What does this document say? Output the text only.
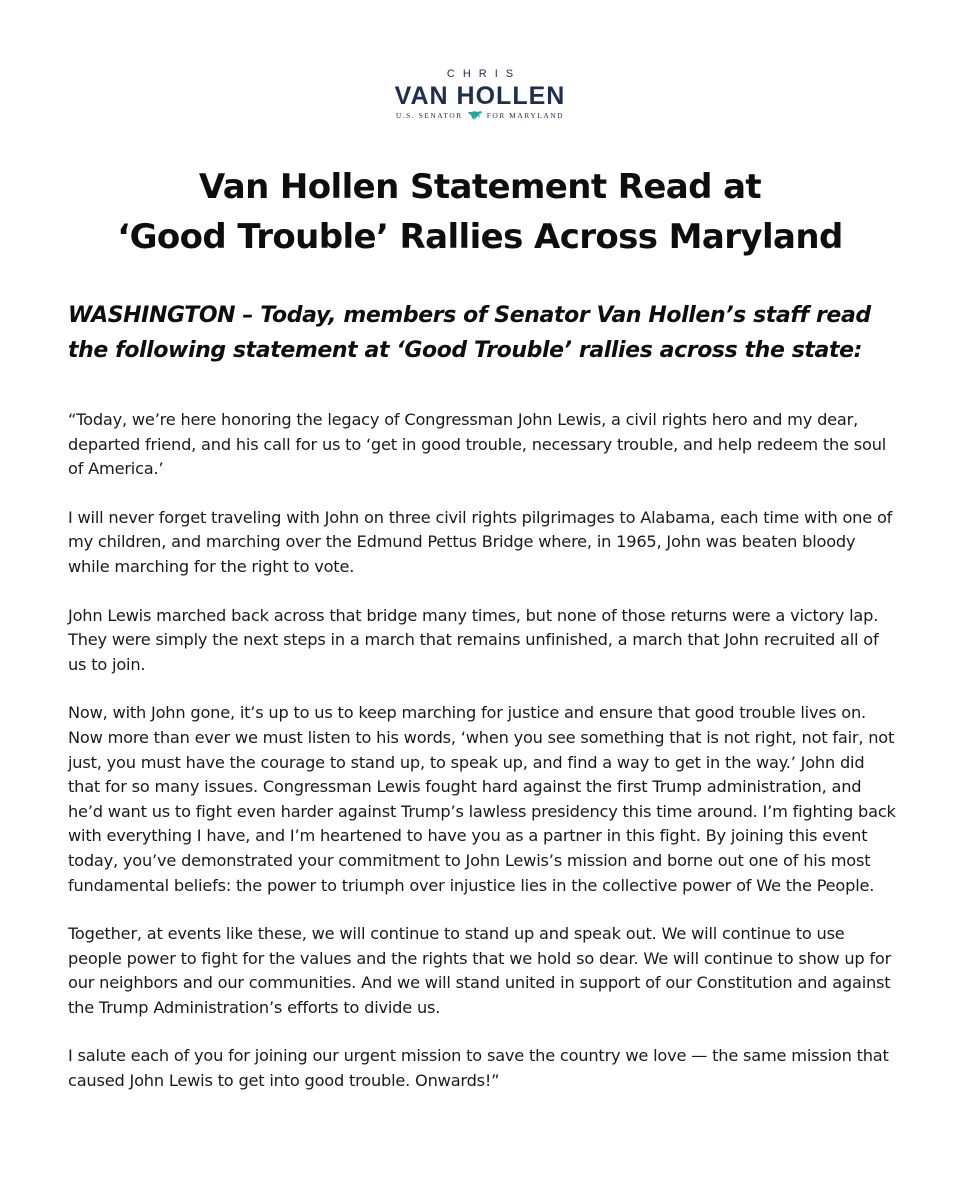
CHRIS
VAN HOLLEN
U.S. SENATOR	FOR MARYLAND
Van Hollen Statement Read at
‘Good Trouble’ Rallies Across Maryland

WASHINGTON – Today, members of Senator Van Hollen’s staff read the following statement at ‘Good Trouble’ rallies across the state:

“Today, we’re here honoring the legacy of Congressman John Lewis, a civil rights hero and my dear, departed friend, and his call for us to ‘get in good trouble, necessary trouble, and help redeem the soul of America.’

I will never forget traveling with John on three civil rights pilgrimages to Alabama, each time with one of my children, and marching over the Edmund Pettus Bridge where, in 1965, John was beaten bloody while marching for the right to vote.

John Lewis marched back across that bridge many times, but none of those returns were a victory lap. They were simply the next steps in a march that remains unfinished, a march that John recruited all of us to join.

Now, with John gone, it’s up to us to keep marching for justice and ensure that good trouble lives on. Now more than ever we must listen to his words, ‘when you see something that is not right, not fair, not just, you must have the courage to stand up, to speak up, and find a way to get in the way.’ John did that for so many issues. Congressman Lewis fought hard against the first Trump administration, and he’d want us to fight even harder against Trump’s lawless presidency this time around. I’m fighting back with everything I have, and I’m heartened to have you as a partner in this fight. By joining this event today, you’ve demonstrated your commitment to John Lewis’s mission and borne out one of his most fundamental beliefs: the power to triumph over injustice lies in the collective power of We the People.

Together, at events like these, we will continue to stand up and speak out. We will continue to use people power to fight for the values and the rights that we hold so dear. We will continue to show up for our neighbors and our communities. And we will stand united in support of our Constitution and against the Trump Administration’s efforts to divide us.

I salute each of you for joining our urgent mission to save the country we love — the same mission that caused John Lewis to get into good trouble. Onwards!”
